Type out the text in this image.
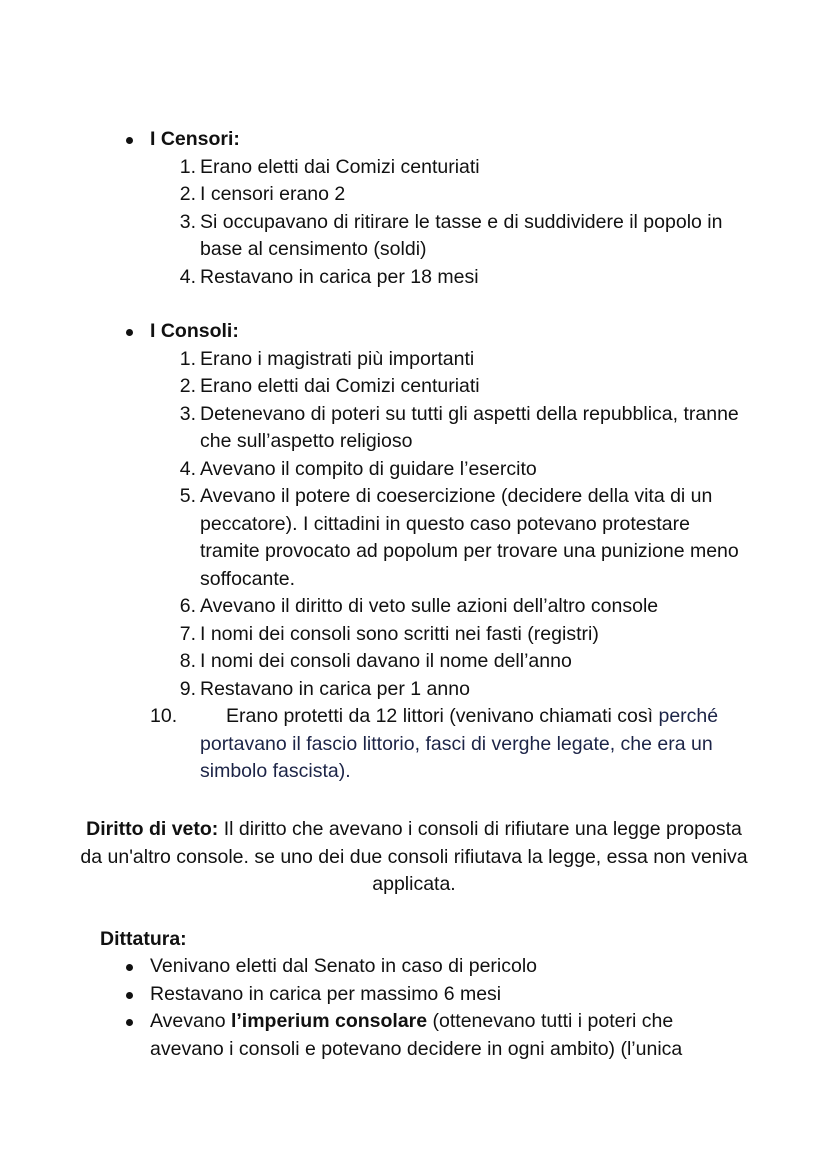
I Censori:
1. Erano eletti dai Comizi centuriati
2. I censori erano 2
3. Si occupavano di ritirare le tasse e di suddividere il popolo in base al censimento (soldi)
4. Restavano in carica per 18 mesi
I Consoli:
1. Erano i magistrati più importanti
2. Erano eletti dai Comizi centuriati
3. Detenevano di poteri su tutti gli aspetti della repubblica, tranne che sull’aspetto religioso
4. Avevano il compito di guidare l’esercito
5. Avevano il potere di coesercizione (decidere della vita di un peccatore). I cittadini in questo caso potevano protestare tramite provocato ad popolum per trovare una punizione meno soffocante.
6. Avevano il diritto di veto sulle azioni dell’altro console
7. I nomi dei consoli sono scritti nei fasti (registri)
8. I nomi dei consoli davano il nome dell’anno
9. Restavano in carica per 1 anno
10.	Erano protetti da 12 littori (venivano chiamati così perché portavano il fascio littorio, fasci di verghe legate, che era un simbolo fascista).
Diritto di veto: Il diritto che avevano i consoli di rifiutare una legge proposta da un'altro console. se uno dei due consoli rifiutava la legge, essa non veniva applicata.
Dittatura:
Venivano eletti dal Senato in caso di pericolo
Restavano in carica per massimo 6 mesi
Avevano l’imperium consolare (ottenevano tutti i poteri che avevano i consoli e potevano decidere in ogni ambito) (l’unica
